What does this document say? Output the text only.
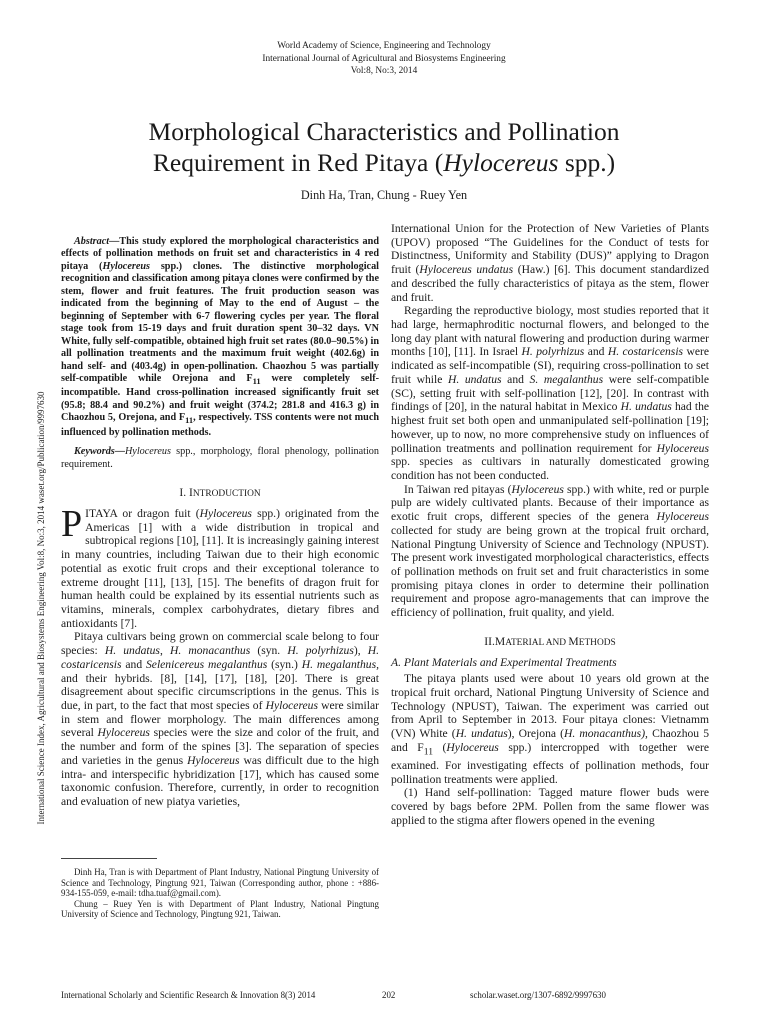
World Academy of Science, Engineering and Technology
International Journal of Agricultural and Biosystems Engineering
Vol:8, No:3, 2014
Morphological Characteristics and Pollination
Requirement in Red Pitaya (Hylocereus spp.)
Dinh Ha, Tran, Chung - Ruey Yen
International Science Index, Agricultural and Biosystems Engineering Vol:8, No:3, 2014 waset.org/Publication/9997630

Abstract—This study explored the morphological characteristics and effects of pollination methods on fruit set and characteristics in 4 red pitaya (Hylocereus spp.) clones. The distinctive morphological recognition and classification among pitaya clones were confirmed by the stem, flower and fruit features. The fruit production season was indicated from the beginning of May to the end of August – the beginning of September with 6-7 flowering cycles per year. The floral stage took from 15-19 days and fruit duration spent 30–32 days. VN White, fully self-compatible, obtained high fruit set rates (80.0–90.5%) in all pollination treatments and the maximum fruit weight (402.6g) in hand self- and (403.4g) in open-pollination. Chaozhou 5 was partially self-compatible while Orejona and $F_{11}$ were completely self-incompatible. Hand cross-pollination increased significantly fruit set (95.8; 88.4 and 90.2%) and fruit weight (374.2; 281.8 and 416.3 g) in Chaozhou 5, Orejona, and $F_{11}$, respectively. TSS contents were not much influenced by pollination methods.

Keywords—Hylocereus spp., morphology, floral phenology, pollination requirement.

I. INTRODUCTION

PITAYA or dragon fuit (Hylocereus spp.) originated from the Americas [1] with a wide distribution in tropical and subtropical regions [10], [11]. It is increasingly gaining interest in many countries, including Taiwan due to their high economic potential as exotic fruit crops and their exceptional tolerance to extreme drought [11], [13], [15]. The benefits of dragon fruit for human health could be explained by its essential nutrients such as vitamins, minerals, complex carbohydrates, dietary fibres and antioxidants [7].

Pitaya cultivars being grown on commercial scale belong to four species: H. undatus, H. monacanthus (syn. H. polyrhizus), H. costaricensis and Selenicereus megalanthus (syn.) H. megalanthus, and their hybrids. [8], [14], [17], [18], [20]. There is great disagreement about specific circumscriptions in the genus. This is due, in part, to the fact that most species of Hylocereus were similar in stem and flower morphology. The main differences among several Hylocereus species were the size and color of the fruit, and the number and form of the spines [3]. The separation of species and varieties in the genus Hylocereus was difficult due to the high intra- and interspecific hybridization [17], which has caused some taxonomic confusion. Therefore, currently, in order to recognition and evaluation of new piatya varieties,

Dinh Ha, Tran is with Department of Plant Industry, National Pingtung University of Science and Technology, Pingtung 921, Taiwan (Corresponding author, phone : +886-934-155-059, e-mail: tdha.tuaf@gmail.com).

Chung – Ruey Yen is with Department of Plant Industry, National Pingtung University of Science and Technology, Pingtung 921, Taiwan.

International Union for the Protection of New Varieties of Plants (UPOV) proposed “The Guidelines for the Conduct of tests for Distinctness, Uniformity and Stability (DUS)” applying to Dragon fruit (Hylocereus undatus (Haw.) [6]. This document standardized and described the fully characteristics of pitaya as the stem, flower and fruit.

Regarding the reproductive biology, most studies reported that it had large, hermaphroditic nocturnal flowers, and belonged to the long day plant with natural flowering and production during warmer months [10], [11]. In Israel H. polyrhizus and H. costaricensis were indicated as self-incompatible (SI), requiring cross-pollination to set fruit while H. undatus and S. megalanthus were self-compatible (SC), setting fruit with self-pollination [12], [20]. In contrast with findings of [20], in the natural habitat in Mexico H. undatus had the highest fruit set both open and unmanipulated self-pollination [19]; however, up to now, no more comprehensive study on influences of pollination treatments and pollination requirement for Hylocereus spp. species as cultivars in naturally domesticated growing condition has not been conducted.

In Taiwan red pitayas (Hylocereus spp.) with white, red or purple pulp are widely cultivated plants. Because of their importance as exotic fruit crops, different species of the genera Hylocereus collected for study are being grown at the tropical fruit orchard, National Pingtung University of Science and Technology (NPUST). The present work investigated morphological characteristics, effects of pollination methods on fruit set and fruit characteristics in some promising pitaya clones in order to determine their pollination requirement and propose agro-managements that can improve the efficiency of pollination, fruit quality, and yield.

II.MATERIAL AND METHODS

A. Plant Materials and Experimental Treatments

The pitaya plants used were about 10 years old grown at the tropical fruit orchard, National Pingtung University of Science and Technology (NPUST), Taiwan. The experiment was carried out from April to September in 2013. Four pitaya clones: Vietnamm (VN) White (H. undatus), Orejona (H. monacanthus), Chaozhou 5 and $F_{11}$ (Hylocereus spp.) intercropped with together were examined. For investigating effects of pollination methods, four pollination treatments were applied.

(1) Hand self-pollination: Tagged mature flower buds were covered by bags before 2PM. Pollen from the same flower was applied to the stigma after flowers opened in the evening

International Scholarly and Scientific Research & Innovation 8(3) 2014	202	scholar.waset.org/1307-6892/9997630
